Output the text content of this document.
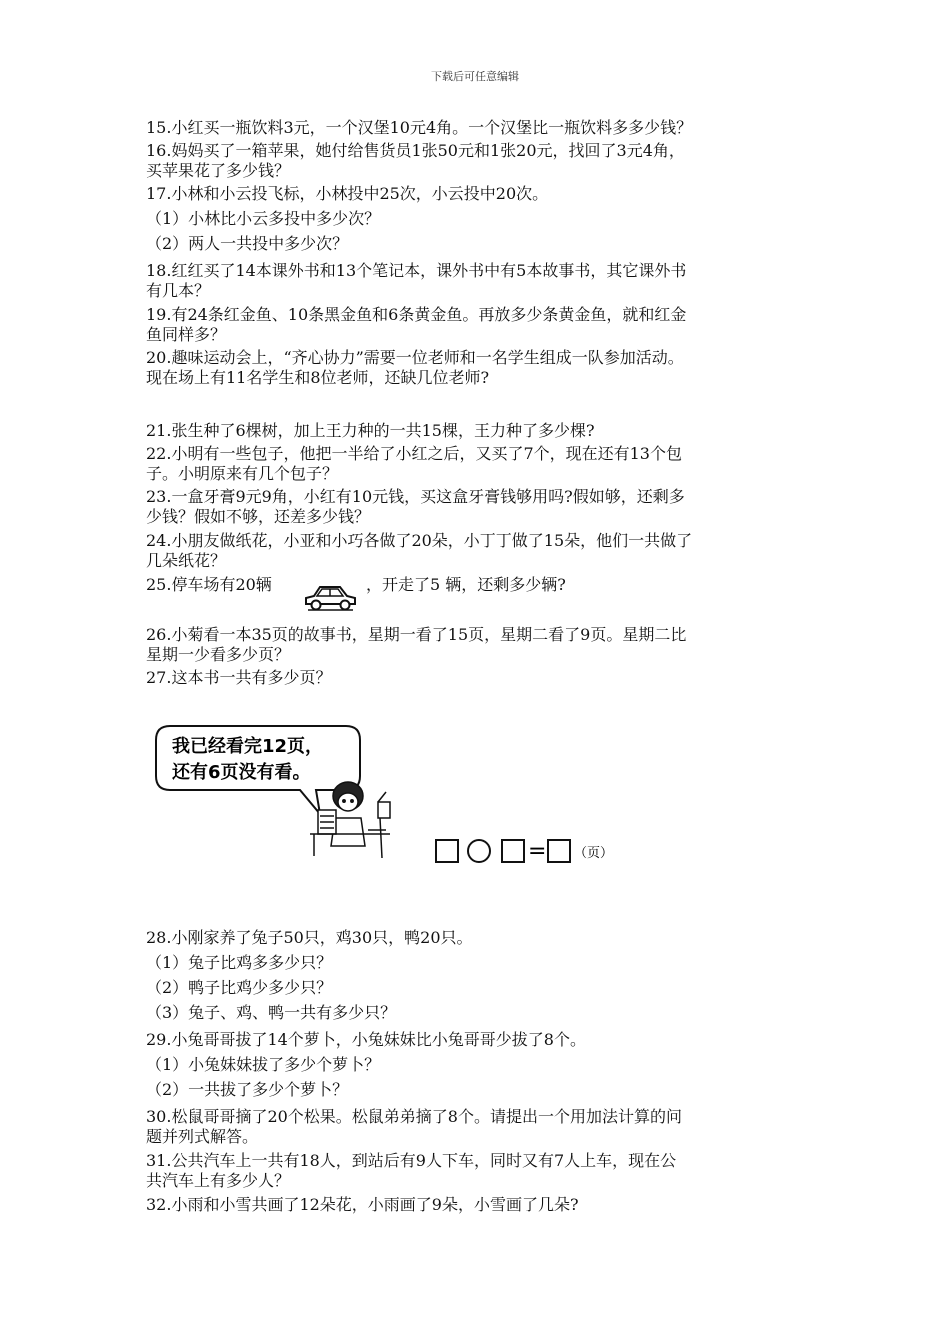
下载后可任意编辑
15.小红买一瓶饮料3元，一个汉堡10元4角。一个汉堡比一瓶饮料多多少钱？
16.妈妈买了一箱苹果，她付给售货员1张50元和1张20元，找回了3元4角，
买苹果花了多少钱？
17.小林和小云投飞标，小林投中25次，小云投中20次。
（1）小林比小云多投中多少次？
（2）两人一共投中多少次？
18.红红买了14本课外书和13个笔记本，课外书中有5本故事书，其它课外书
有几本？
19.有24条红金鱼、10条黑金鱼和6条黄金鱼。再放多少条黄金鱼，就和红金
鱼同样多？
20.趣味运动会上，“齐心协力”需要一位老师和一名学生组成一队参加活动。
现在场上有11名学生和8位老师，还缺几位老师?
21.张生种了6棵树，加上王力种的一共15棵，王力种了多少棵?
22.小明有一些包子，他把一半给了小红之后，又买了7个，现在还有13个包
子。小明原来有几个包子？
23.一盒牙膏9元9角，小红有10元钱，买这盒牙膏钱够用吗?假如够，还剩多
少钱？假如不够，还差多少钱？
24.小朋友做纸花，小亚和小巧各做了20朵，小丁丁做了15朵，他们一共做了
几朵纸花？
25.停车场有20辆	，开走了5 辆，还剩多少辆?
26.小菊看一本35页的故事书，星期一看了15页，星期二看了9页。星期二比
星期一少看多少页？
27.这本书一共有多少页？
我已经看完12页，
还有6页没有看。
= （页）
28.小刚家养了兔子50只，鸡30只，鸭20只。
（1）兔子比鸡多多少只？
（2）鸭子比鸡少多少只？
（3）兔子、鸡、鸭一共有多少只？
29.小兔哥哥拔了14个萝卜，小兔妹妹比小兔哥哥少拔了8个。
（1）小兔妹妹拔了多少个萝卜？
（2）一共拔了多少个萝卜？
30.松鼠哥哥摘了20个松果。松鼠弟弟摘了8个。请提出一个用加法计算的问
题并列式解答。
31.公共汽车上一共有18人，到站后有9人下车，同时又有7人上车，现在公
共汽车上有多少人？
32.小雨和小雪共画了12朵花，小雨画了9朵，小雪画了几朵?
